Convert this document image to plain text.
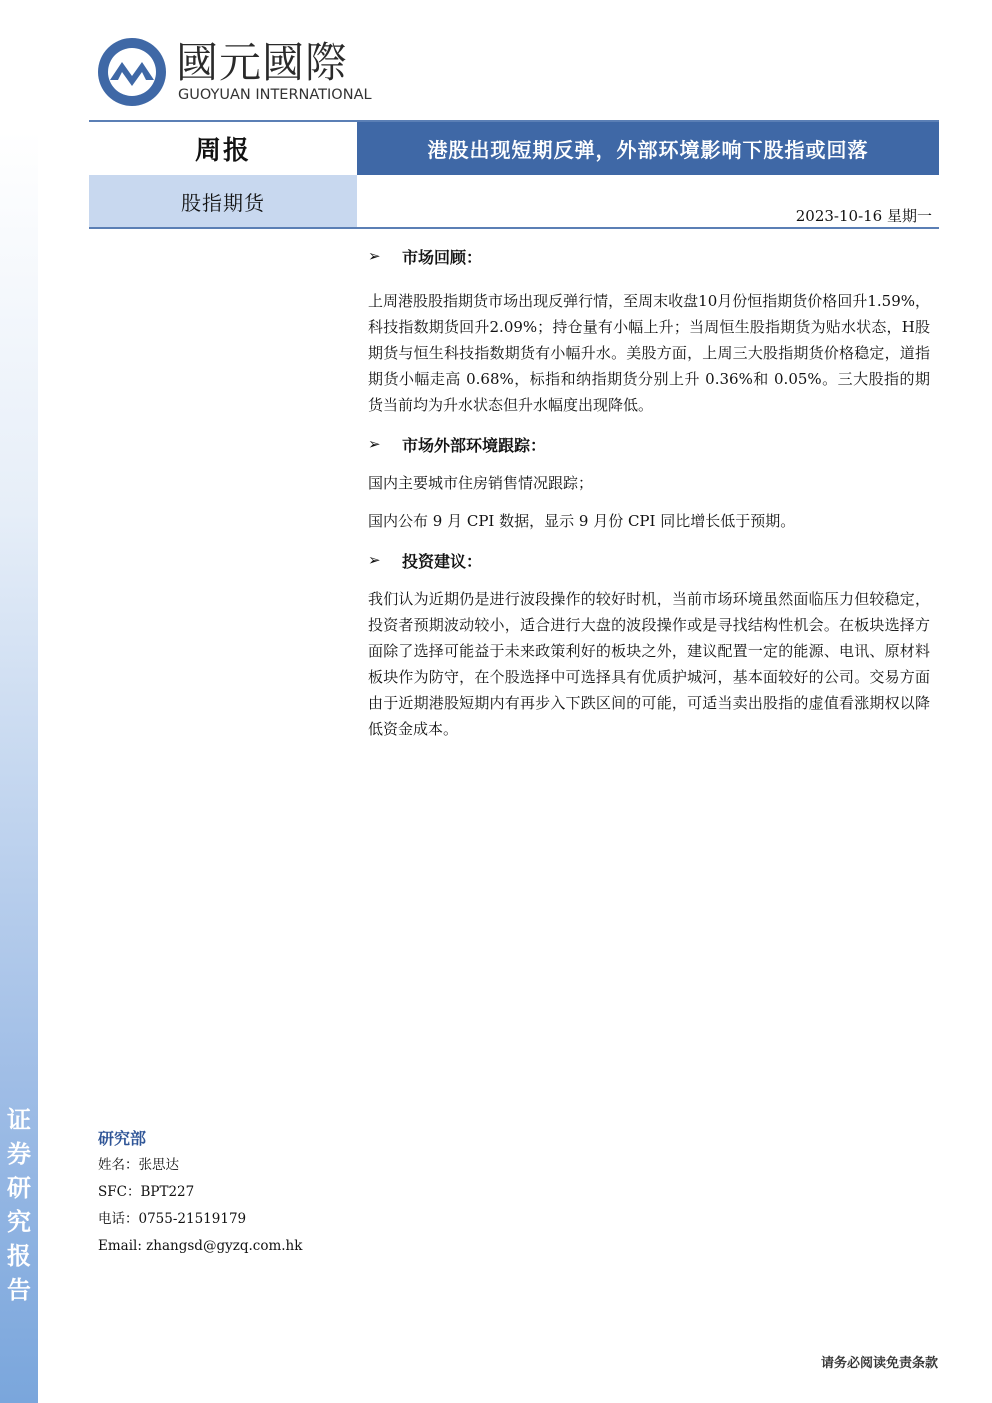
证
券
研
究
报
告
國元國際
GUOYUAN INTERNATIONAL
周报	港股出现短期反弹，外部环境影响下股指或回落
股指期货
2023-10-16 星期一
➢	市场回顾：

上周港股股指期货市场出现反弹行情，至周末收盘10月份恒指期货价格回升1.59%，科技指数期货回升2.09%；持仓量有小幅上升；当周恒生股指期货为贴水状态，H股期货与恒生科技指数期货有小幅升水。美股方面，上周三大股指期货价格稳定，道指期货小幅走高 0.68%，标指和纳指期货分别上升 0.36%和 0.05%。三大股指的期货当前均为升水状态但升水幅度出现降低。

➢	市场外部环境跟踪：

国内主要城市住房销售情况跟踪；

国内公布 9 月 CPI 数据，显示 9 月份 CPI 同比增长低于预期。

➢	投资建议：

我们认为近期仍是进行波段操作的较好时机，当前市场环境虽然面临压力但较稳定，投资者预期波动较小，适合进行大盘的波段操作或是寻找结构性机会。在板块选择方面除了选择可能益于未来政策利好的板块之外，建议配置一定的能源、电讯、原材料板块作为防守，在个股选择中可选择具有优质护城河，基本面较好的公司。交易方面由于近期港股短期内有再步入下跌区间的可能，可适当卖出股指的虚值看涨期权以降低资金成本。

研究部
姓名：张思达
SFC：BPT227
电话：0755-21519179
Email: zhangsd@gyzq.com.hk
请务必阅读免责条款
